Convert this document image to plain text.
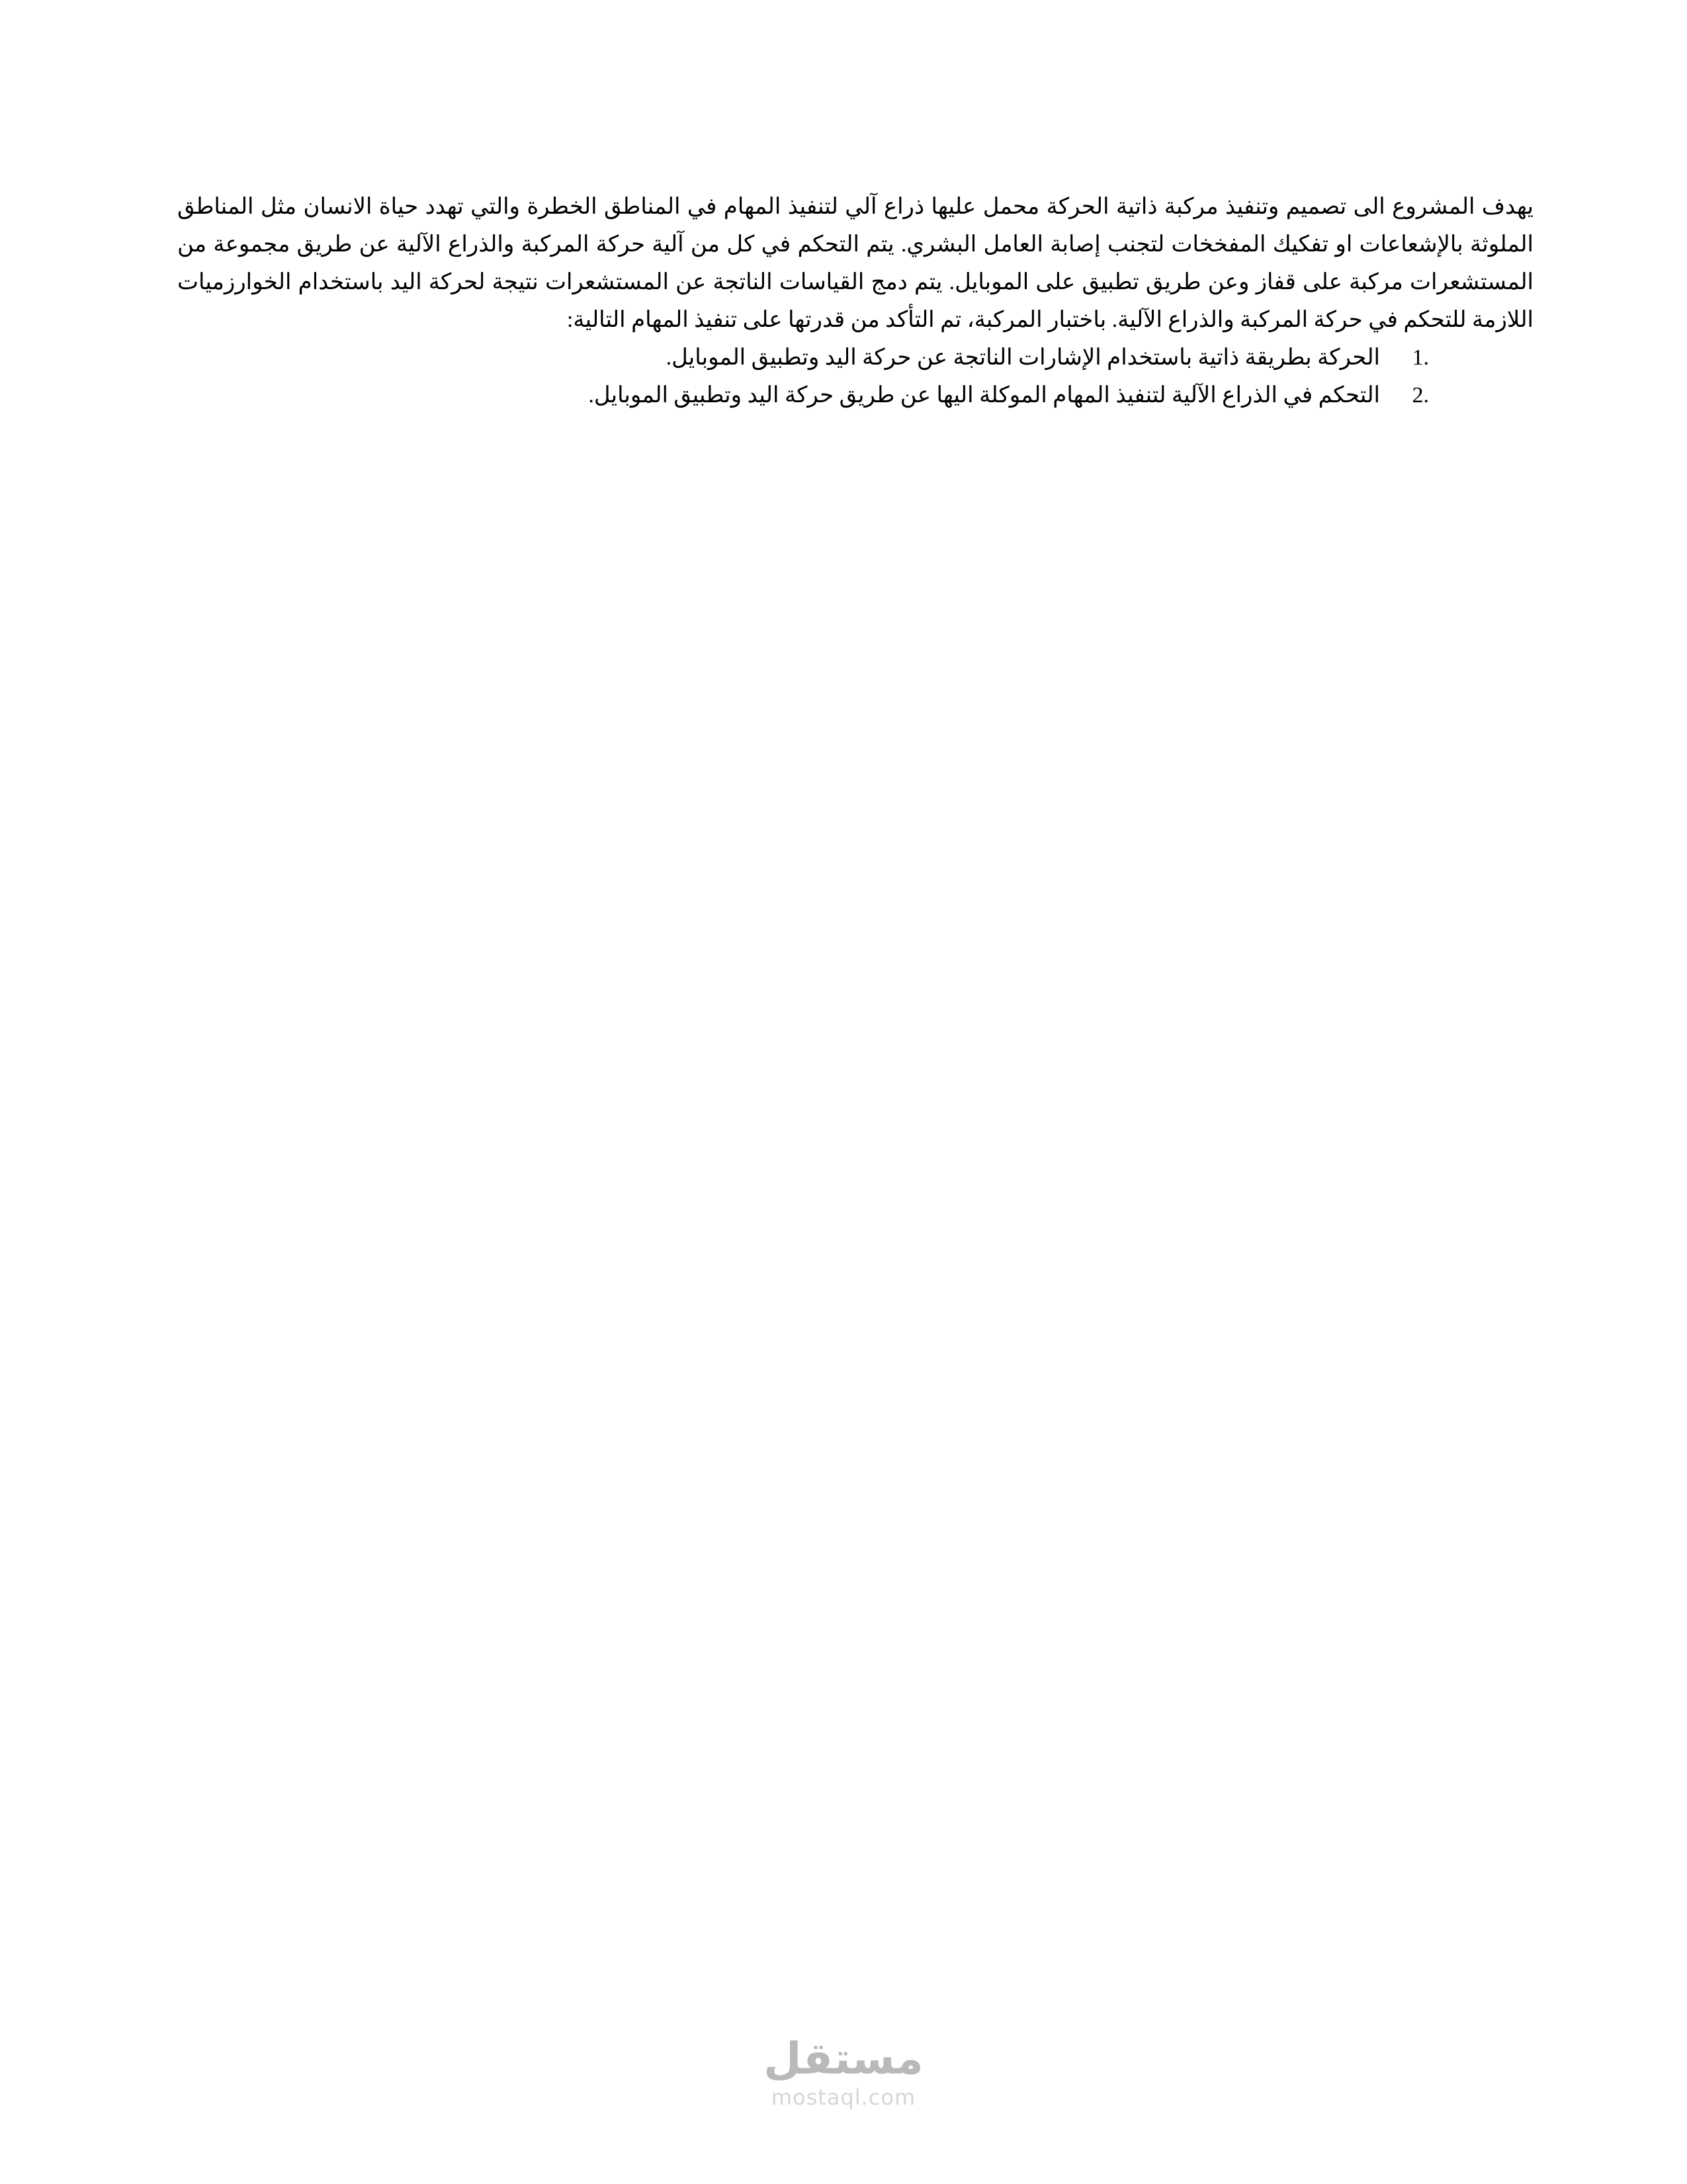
يهدف المشروع الى تصميم وتنفيذ مركبة ذاتية الحركة محمل عليها ذراع آلي لتنفيذ المهام في المناطق الخطرة والتي تهدد حياة الانسان مثل المناطق الملوثة بالإشعاعات او تفكيك المفخخات لتجنب إصابة العامل البشري. يتم التحكم في كل من آلية حركة المركبة والذراع الآلية عن طريق مجموعة من المستشعرات مركبة على قفاز وعن طريق تطبيق على الموبايل. يتم دمج القياسات الناتجة عن المستشعرات نتيجة لحركة اليد باستخدام الخوارزميات اللازمة للتحكم في حركة المركبة والذراع الآلية. باختبار المركبة، تم التأكد من قدرتها على تنفيذ المهام التالية:

1.
الحركة بطريقة ذاتية باستخدام الإشارات الناتجة عن حركة اليد وتطبيق الموبايل.
2.
التحكم في الذراع الآلية لتنفيذ المهام الموكلة اليها عن طريق حركة اليد وتطبيق الموبايل.
مستقل
mostaql.com
